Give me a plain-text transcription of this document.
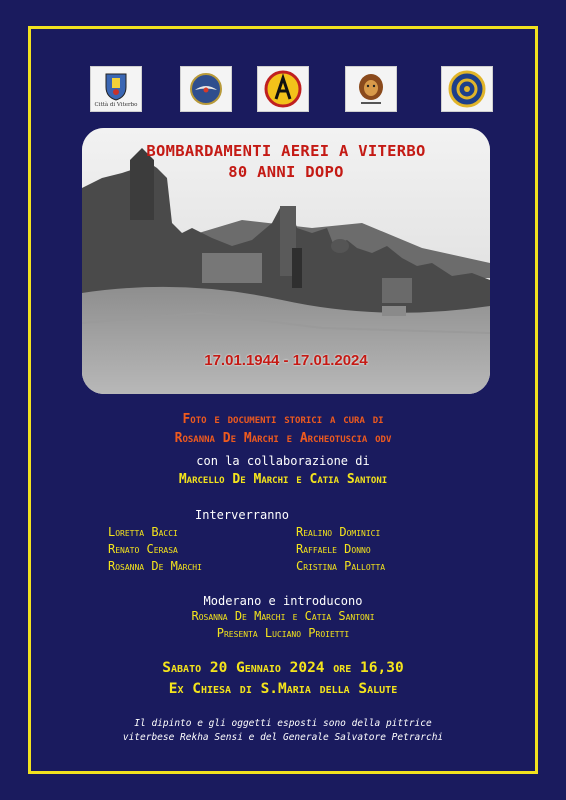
Città di Viterbo
BOMBARDAMENTI AEREI A VITERBO
80 ANNI DOPO
17.01.1944 - 17.01.2024
Foto e documenti storici a cura di
Rosanna De Marchi e Archeotuscia odv
con la collaborazione di
Marcello De Marchi e Catia Santoni
Interverranno
Loretta Bacci
Renato Cerasa
Rosanna De Marchi
Realino Dominici
Raffaele Donno
Cristina Pallotta
Moderano e introducono
Rosanna De Marchi e Catia Santoni
Presenta Luciano Proietti
Sabato 20 Gennaio 2024 ore 16,30
Ex Chiesa di S.Maria della Salute
Il dipinto e gli oggetti esposti sono della pittrice
viterbese Rekha Sensi e del Generale Salvatore Petrarchi
